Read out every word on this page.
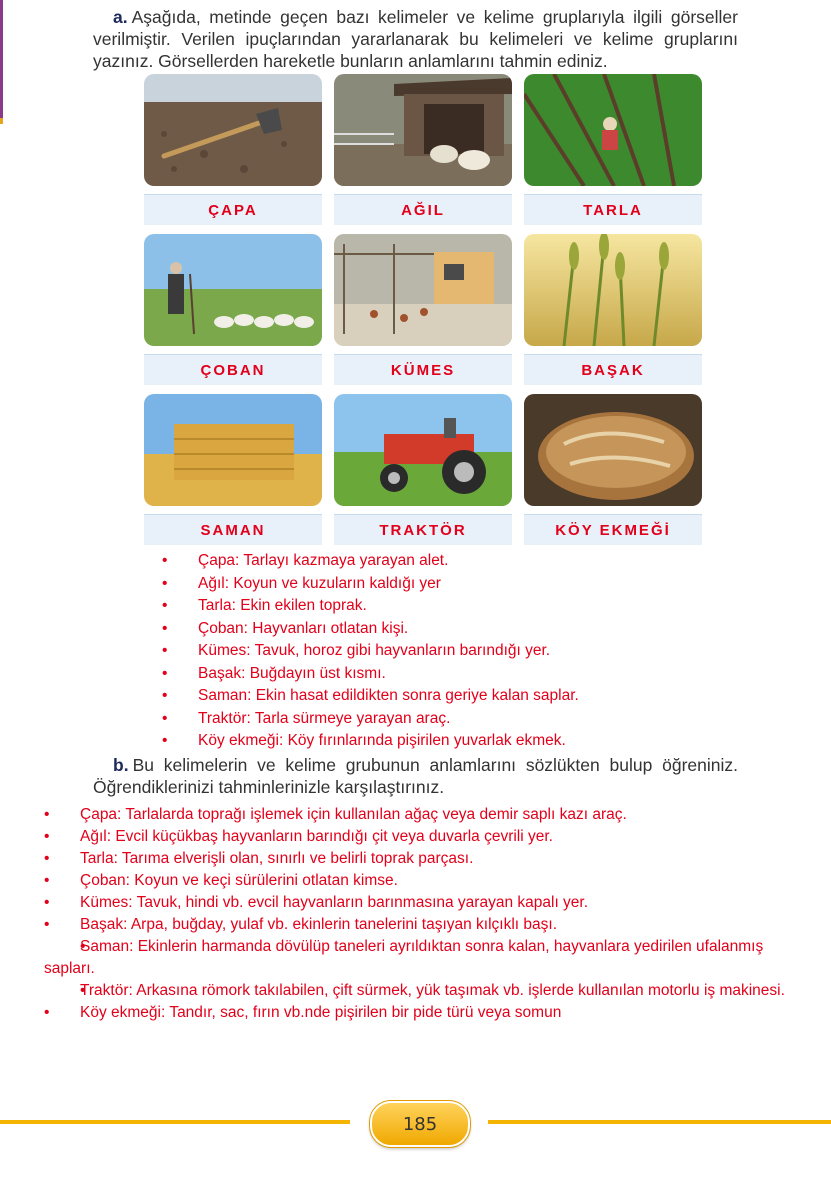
a. Aşağıda, metinde geçen bazı kelimeler ve kelime gruplarıyla ilgili görseller verilmiştir. Verilen ipuçlarından yararlanarak bu kelimeleri ve kelime gruplarını yazınız. Görsellerden hareketle bunların anlamlarını tahmin ediniz.
ÇAPA	AĞIL	TARLA
ÇOBAN	KÜMES	BAŞAK
SAMAN	TRAKTÖR	KÖY EKMEĞİ
• Çapa: Tarlayı kazmaya yarayan alet.
• Ağıl: Koyun ve kuzuların kaldığı yer
• Tarla: Ekin ekilen toprak.
• Çoban: Hayvanları otlatan kişi.
• Kümes: Tavuk, horoz gibi hayvanların barındığı yer.
• Başak: Buğdayın üst kısmı.
• Saman: Ekin hasat edildikten sonra geriye kalan saplar.
• Traktör: Tarla sürmeye yarayan araç.
• Köy ekmeği: Köy fırınlarında pişirilen yuvarlak ekmek.
b. Bu kelimelerin ve kelime grubunun anlamlarını sözlükten bulup öğreniniz. Öğrendiklerinizi tahminlerinizle karşılaştırınız.
• Çapa: Tarlalarda toprağı işlemek için kullanılan ağaç veya demir saplı kazı araç.
• Ağıl: Evcil küçükbaş hayvanların barındığı çit veya duvarla çevrili yer.
• Tarla: Tarıma elverişli olan, sınırlı ve belirli toprak parçası.
• Çoban: Koyun ve keçi sürülerini otlatan kimse.
• Kümes: Tavuk, hindi vb. evcil hayvanların barınmasına yarayan kapalı yer.
• Başak: Arpa, buğday, yulaf vb. ekinlerin tanelerini taşıyan kılçıklı başı.
• Saman: Ekinlerin harmanda dövülüp taneleri ayrıldıktan sonra kalan, hayvanlara yedirilen ufalanmış sapları.
• Traktör: Arkasına römork takılabilen, çift sürmek, yük taşımak vb. işlerde kullanılan motorlu iş makinesi.
• Köy ekmeği: Tandır, sac, fırın vb.nde pişirilen bir pide türü veya somun
185
